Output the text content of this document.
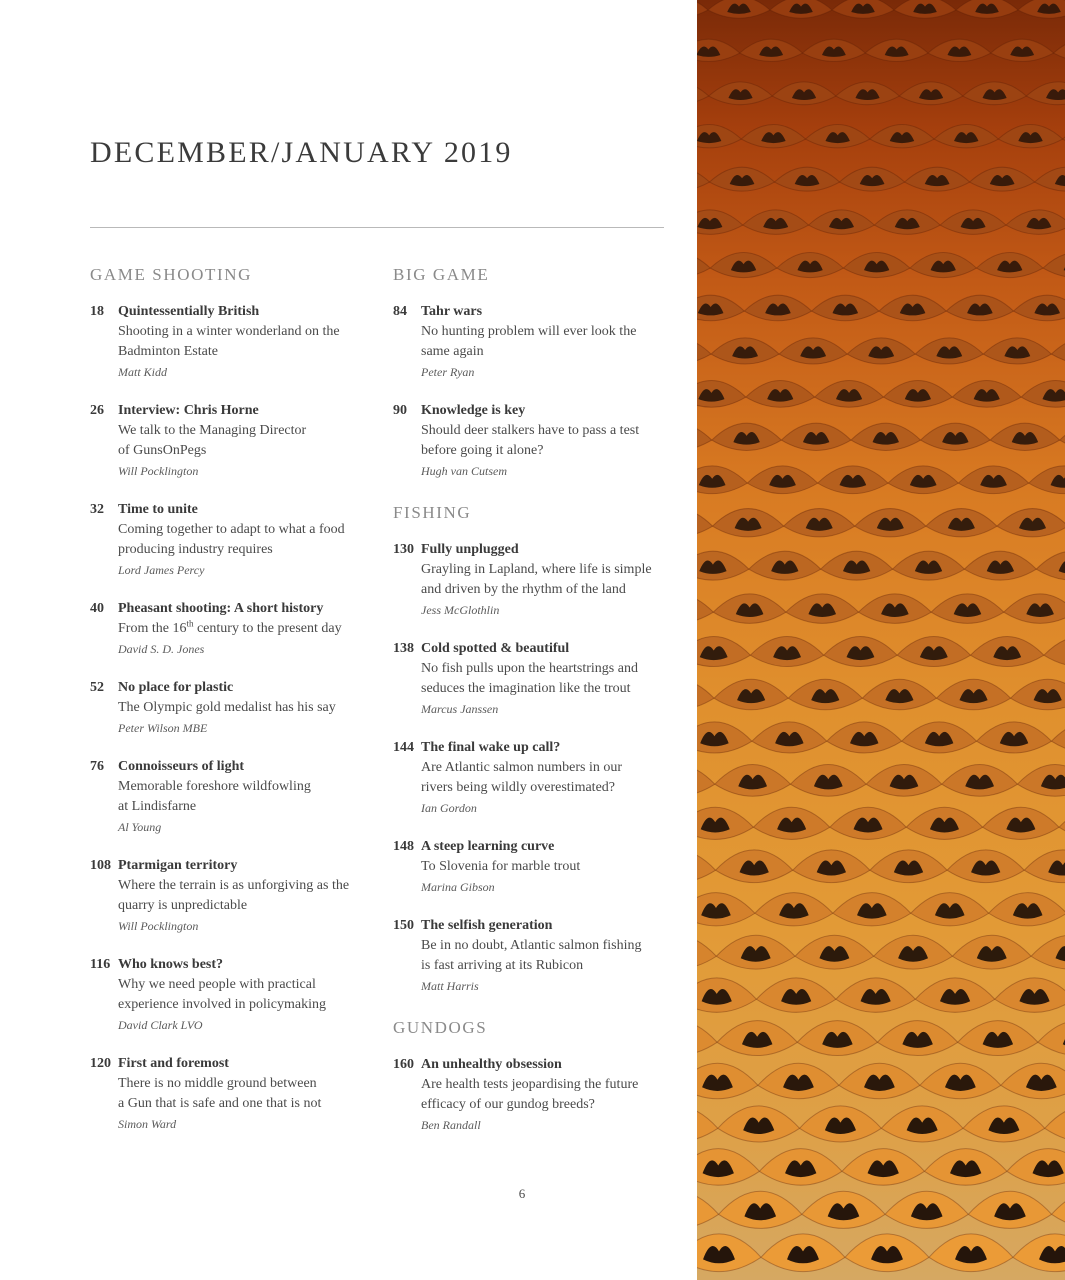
DECEMBER/JANUARY 2019
GAME SHOOTING
18 Quintessentially British
Shooting in a winter wonderland on the
Badminton Estate
Matt Kidd
26 Interview: Chris Horne
We talk to the Managing Director
of GunsOnPegs
Will Pocklington
32 Time to unite
Coming together to adapt to what a food
producing industry requires
Lord James Percy
40 Pheasant shooting: A short history
From the 16th century to the present day
David S. D. Jones
52 No place for plastic
The Olympic gold medalist has his say
Peter Wilson MBE
76 Connoisseurs of light
Memorable foreshore wildfowling
at Lindisfarne
Al Young
108 Ptarmigan territory
Where the terrain is as unforgiving as the
quarry is unpredictable
Will Pocklington
116 Who knows best?
Why we need people with practical
experience involved in policymaking
David Clark LVO
120 First and foremost
There is no middle ground between
a Gun that is safe and one that is not
Simon Ward
BIG GAME
84 Tahr wars
No hunting problem will ever look the
same again
Peter Ryan
90 Knowledge is key
Should deer stalkers have to pass a test
before going it alone?
Hugh van Cutsem
FISHING
130 Fully unplugged
Grayling in Lapland, where life is simple
and driven by the rhythm of the land
Jess McGlothlin
138 Cold spotted & beautiful
No fish pulls upon the heartstrings and
seduces the imagination like the trout
Marcus Janssen
144 The final wake up call?
Are Atlantic salmon numbers in our
rivers being wildly overestimated?
Ian Gordon
148 A steep learning curve
To Slovenia for marble trout
Marina Gibson
150 The selfish generation
Be in no doubt, Atlantic salmon fishing
is fast arriving at its Rubicon
Matt Harris
GUNDOGS
160 An unhealthy obsession
Are health tests jeopardising the future
efficacy of our gundog breeds?
Ben Randall
6
